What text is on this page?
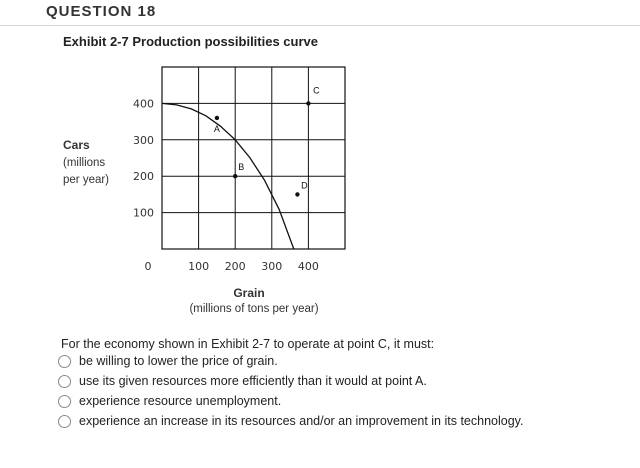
QUESTION 18
Exhibit 2-7 Production possibilities curve
A
B
C
D
100
200
300
400
0	100 200 300 400
Cars
(millions
per year)
Grain
(millions of tons per year)
For the economy shown in Exhibit 2-7 to operate at point C, it must:
be willing to lower the price of grain.
use its given resources more efficiently than it would at point A.
experience resource unemployment.
experience an increase in its resources and/or an improvement in its technology.
